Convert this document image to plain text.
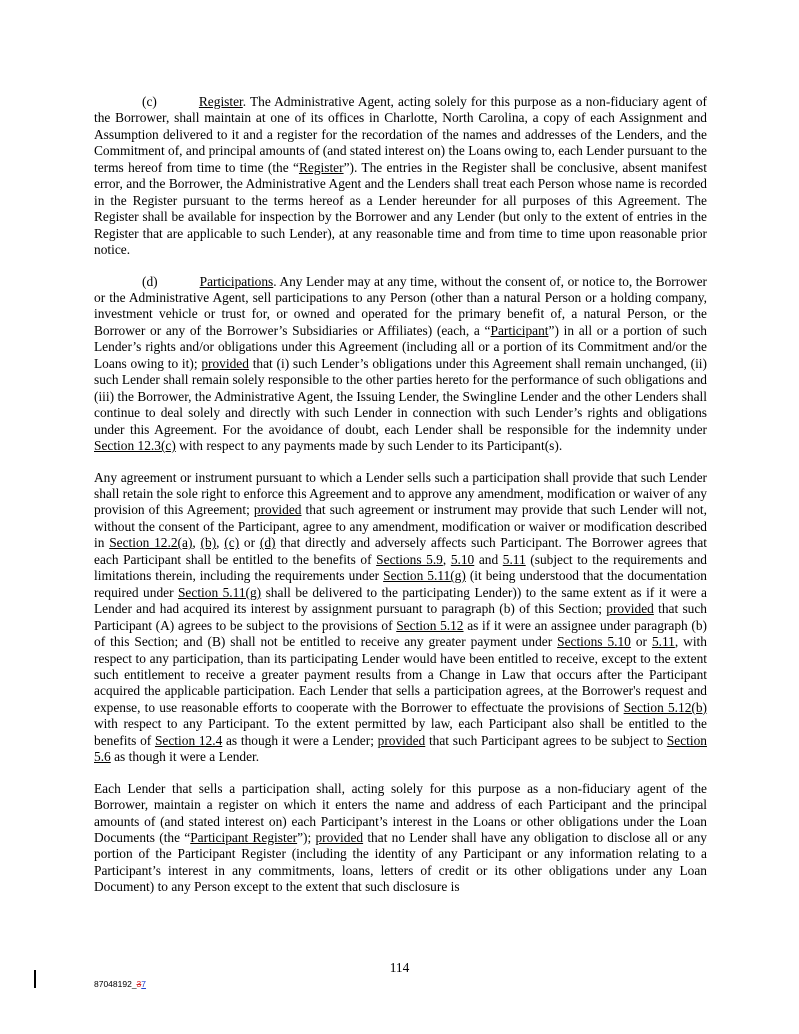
(c)	Register. The Administrative Agent, acting solely for this purpose as a non-fiduciary agent of the Borrower, shall maintain at one of its offices in Charlotte, North Carolina, a copy of each Assignment and Assumption delivered to it and a register for the recordation of the names and addresses of the Lenders, and the Commitment of, and principal amounts of (and stated interest on) the Loans owing to, each Lender pursuant to the terms hereof from time to time (the “Register”). The entries in the Register shall be conclusive, absent manifest error, and the Borrower, the Administrative Agent and the Lenders shall treat each Person whose name is recorded in the Register pursuant to the terms hereof as a Lender hereunder for all purposes of this Agreement. The Register shall be available for inspection by the Borrower and any Lender (but only to the extent of entries in the Register that are applicable to such Lender), at any reasonable time and from time to time upon reasonable prior notice.

(d)	Participations. Any Lender may at any time, without the consent of, or notice to, the Borrower or the Administrative Agent, sell participations to any Person (other than a natural Person or a holding company, investment vehicle or trust for, or owned and operated for the primary benefit of, a natural Person, or the Borrower or any of the Borrower’s Subsidiaries or Affiliates) (each, a “Participant”) in all or a portion of such Lender’s rights and/or obligations under this Agreement (including all or a portion of its Commitment and/or the Loans owing to it); provided that (i) such Lender’s obligations under this Agreement shall remain unchanged, (ii) such Lender shall remain solely responsible to the other parties hereto for the performance of such obligations and (iii) the Borrower, the Administrative Agent, the Issuing Lender, the Swingline Lender and the other Lenders shall continue to deal solely and directly with such Lender in connection with such Lender’s rights and obligations under this Agreement. For the avoidance of doubt, each Lender shall be responsible for the indemnity under Section 12.3(c) with respect to any payments made by such Lender to its Participant(s).

Any agreement or instrument pursuant to which a Lender sells such a participation shall provide that such Lender shall retain the sole right to enforce this Agreement and to approve any amendment, modification or waiver of any provision of this Agreement; provided that such agreement or instrument may provide that such Lender will not, without the consent of the Participant, agree to any amendment, modification or waiver or modification described in Section 12.2(a), (b), (c) or (d) that directly and adversely affects such Participant. The Borrower agrees that each Participant shall be entitled to the benefits of Sections 5.9, 5.10 and 5.11 (subject to the requirements and limitations therein, including the requirements under Section 5.11(g) (it being understood that the documentation required under Section 5.11(g) shall be delivered to the participating Lender)) to the same extent as if it were a Lender and had acquired its interest by assignment pursuant to paragraph (b) of this Section; provided that such Participant (A) agrees to be subject to the provisions of Section 5.12 as if it were an assignee under paragraph (b) of this Section; and (B) shall not be entitled to receive any greater payment under Sections 5.10 or 5.11, with respect to any participation, than its participating Lender would have been entitled to receive, except to the extent such entitlement to receive a greater payment results from a Change in Law that occurs after the Participant acquired the applicable participation. Each Lender that sells a participation agrees, at the Borrower's request and expense, to use reasonable efforts to cooperate with the Borrower to effectuate the provisions of Section 5.12(b) with respect to any Participant. To the extent permitted by law, each Participant also shall be entitled to the benefits of Section 12.4 as though it were a Lender; provided that such Participant agrees to be subject to Section 5.6 as though it were a Lender.

Each Lender that sells a participation shall, acting solely for this purpose as a non-fiduciary agent of the Borrower, maintain a register on which it enters the name and address of each Participant and the principal amounts of (and stated interest on) each Participant’s interest in the Loans or other obligations under the Loan Documents (the “Participant Register”); provided that no Lender shall have any obligation to disclose all or any portion of the Participant Register (including the identity of any Participant or any information relating to a Participant’s interest in any commitments, loans, letters of credit or its other obligations under any Loan Document) to any Person except to the extent that such disclosure is

114
87048192_37
